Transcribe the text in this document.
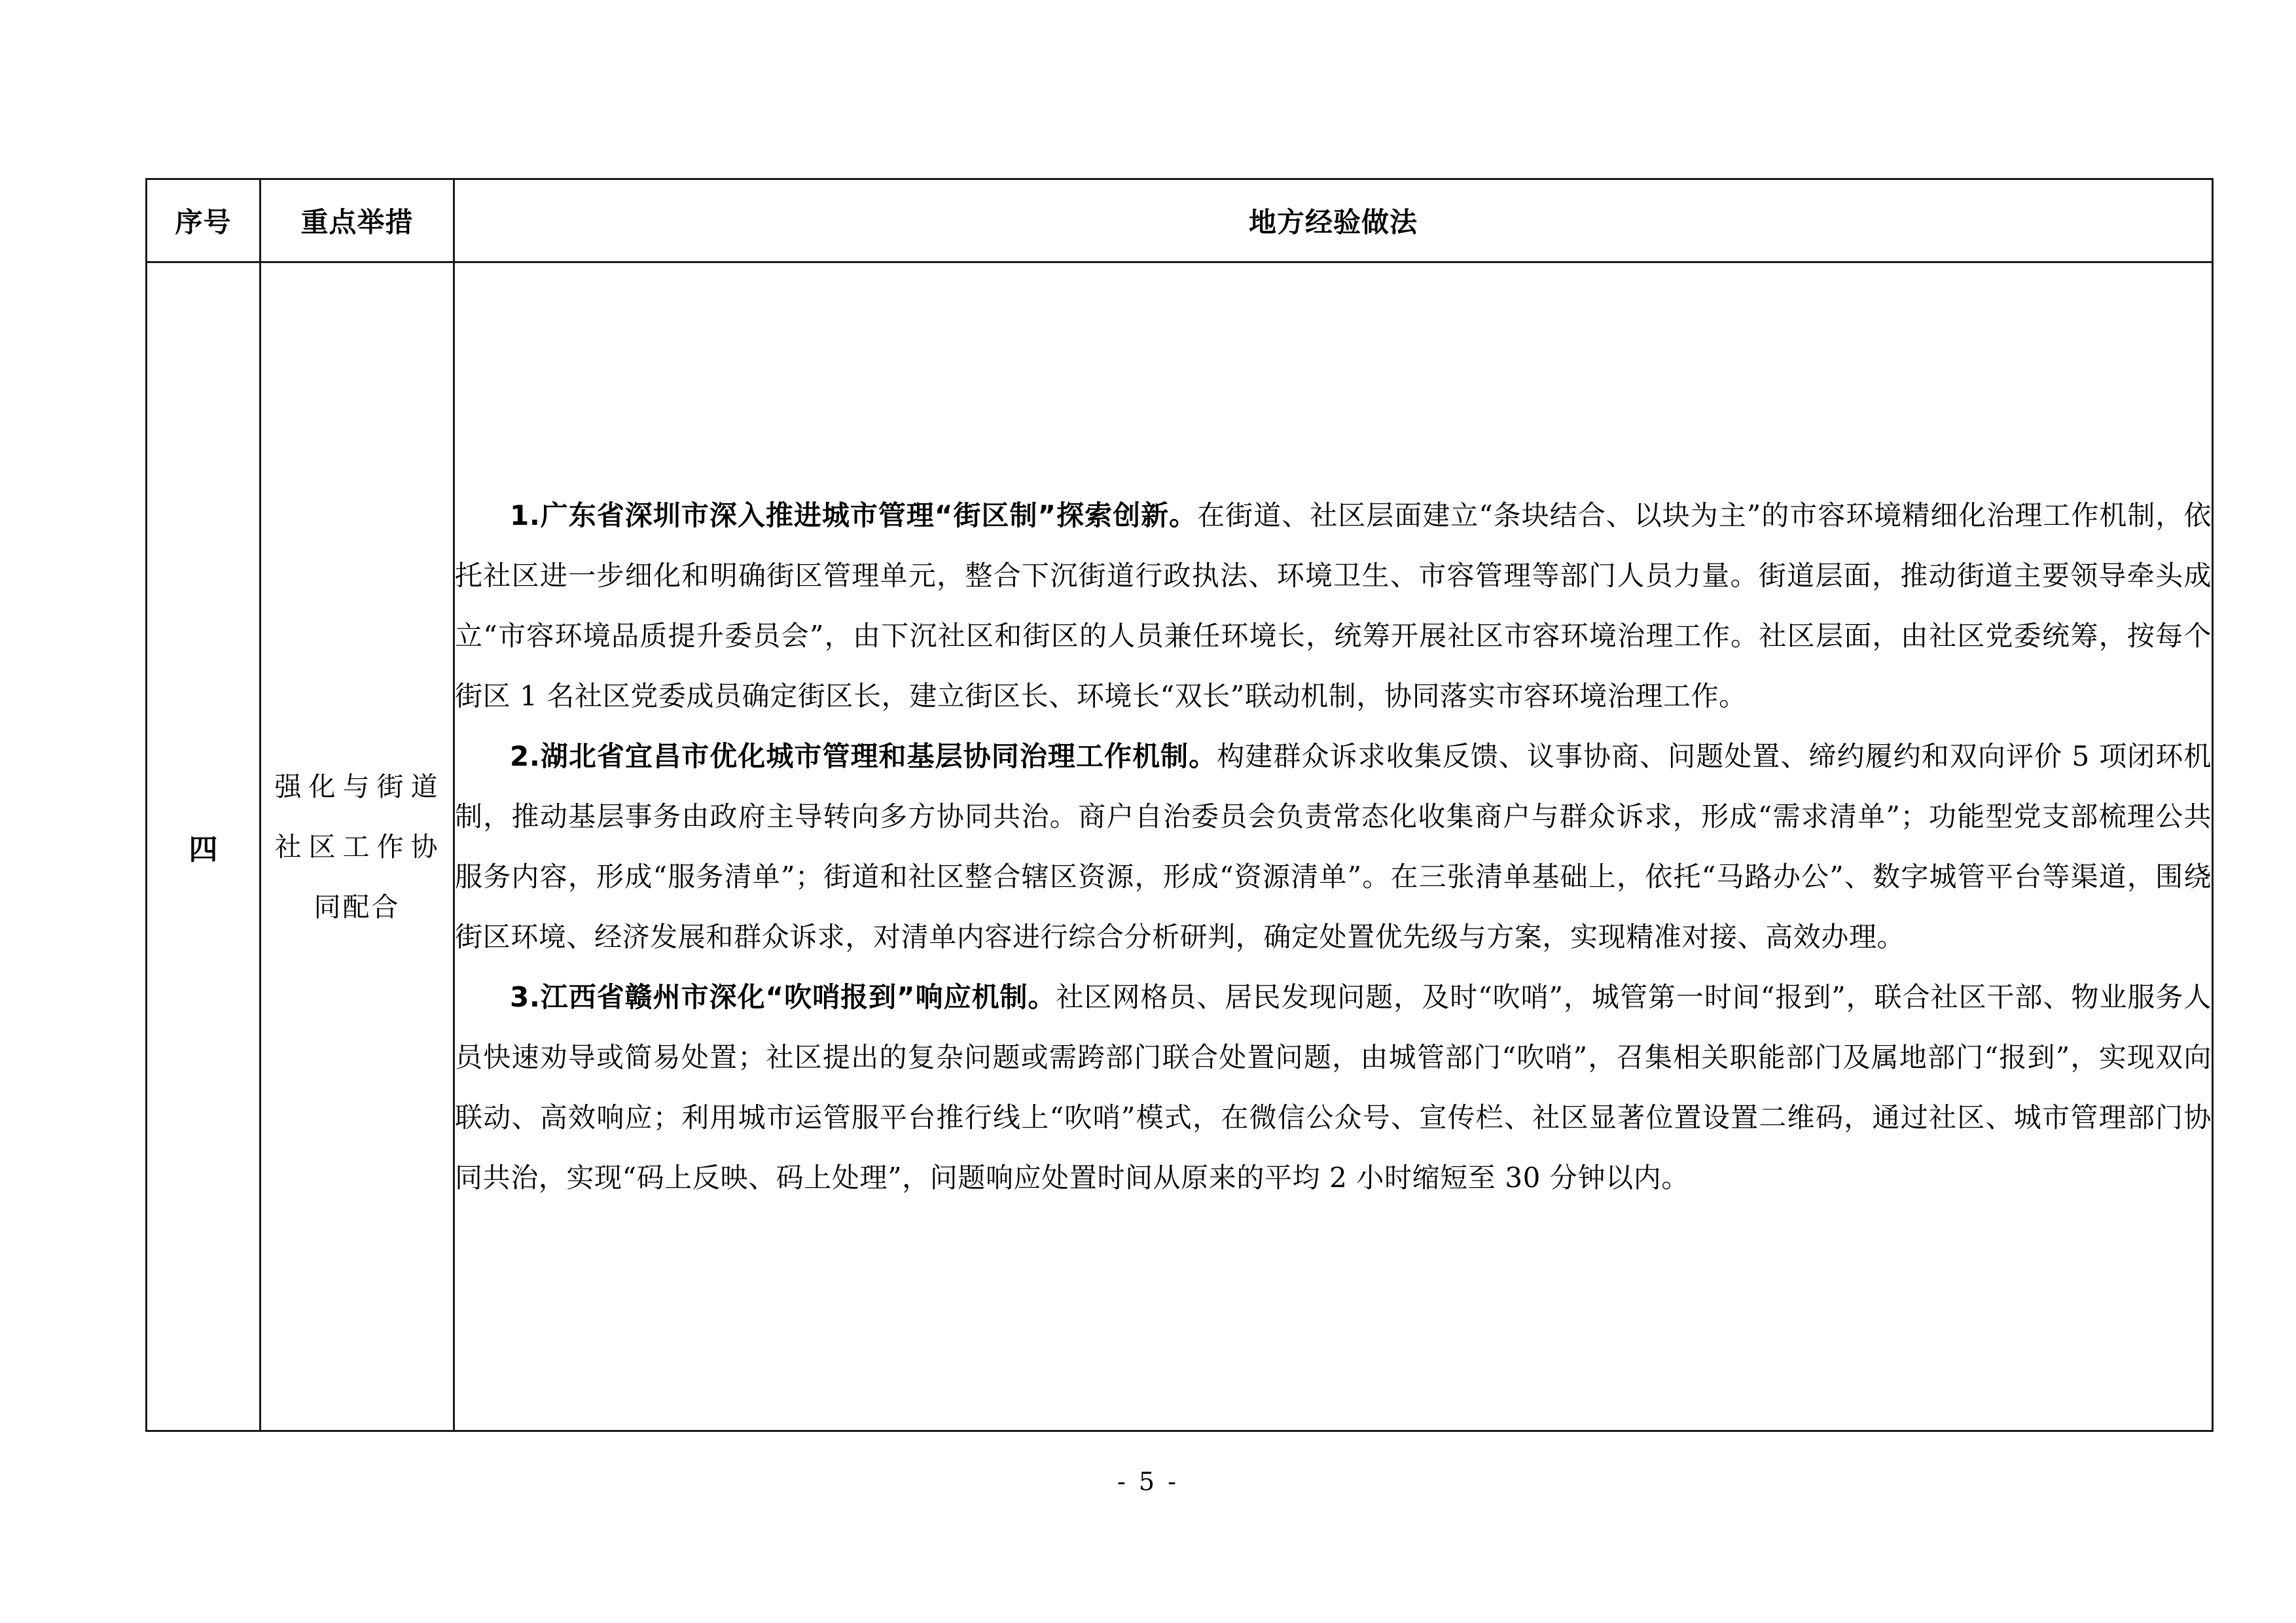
序号	重点举措	地方经验做法
四	强化与街道社区工作协同配合	1.广东省深圳市深入推进城市管理“街区制”探索创新。在街道、社区层面建立“条块结合、以块为主”的市容环境精细化治理工作机制，依托社区进一步细化和明确街区管理单元，整合下沉街道行政执法、环境卫生、市容管理等部门人员力量。街道层面，推动街道主要领导牵头成立“市容环境品质提升委员会”，由下沉社区和街区的人员兼任环境长，统筹开展社区市容环境治理工作。社区层面，由社区党委统筹，按每个街区 1 名社区党委成员确定街区长，建立街区长、环境长“双长”联动机制，协同落实市容环境治理工作。

2.湖北省宜昌市优化城市管理和基层协同治理工作机制。构建群众诉求收集反馈、议事协商、问题处置、缔约履约和双向评价 5 项闭环机制，推动基层事务由政府主导转向多方协同共治。商户自治委员会负责常态化收集商户与群众诉求，形成“需求清单”；功能型党支部梳理公共服务内容，形成“服务清单”；街道和社区整合辖区资源，形成“资源清单”。在三张清单基础上，依托“马路办公”、数字城管平台等渠道，围绕街区环境、经济发展和群众诉求，对清单内容进行综合分析研判，确定处置优先级与方案，实现精准对接、高效办理。

3.江西省赣州市深化“吹哨报到”响应机制。社区网格员、居民发现问题，及时“吹哨”，城管第一时间“报到”，联合社区干部、物业服务人员快速劝导或简易处置；社区提出的复杂问题或需跨部门联合处置问题，由城管部门“吹哨”，召集相关职能部门及属地部门“报到”，实现双向联动、高效响应；利用城市运管服平台推行线上“吹哨”模式，在微信公众号、宣传栏、社区显著位置设置二维码，通过社区、城市管理部门协同共治，实现“码上反映、码上处理”，问题响应处置时间从原来的平均 2 小时缩短至 30 分钟以内。

- 5 -
